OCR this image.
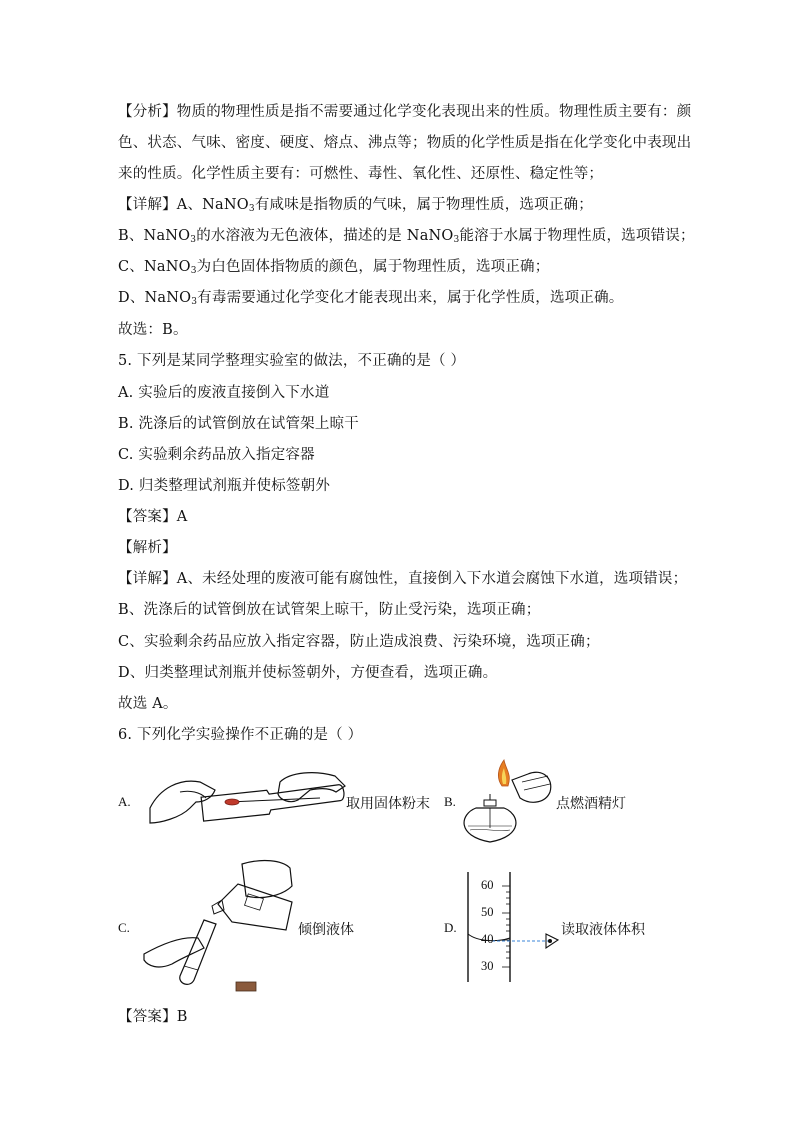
【分析】物质的物理性质是指不需要通过化学变化表现出来的性质。物理性质主要有：颜
色、状态、气味、密度、硬度、熔点、沸点等；物质的化学性质是指在化学变化中表现出
来的性质。化学性质主要有：可燃性、毒性、氧化性、还原性、稳定性等；
【详解】A、NaNO$_3$有咸味是指物质的气味，属于物理性质，选项正确；
B、NaNO$_3$的水溶液为无色液体，描述的是 NaNO$_3$能溶于水属于物理性质，选项错误；
C、NaNO$_3$为白色固体指物质的颜色，属于物理性质，选项正确；
D、NaNO$_3$有毒需要通过化学变化才能表现出来，属于化学性质，选项正确。
故选：B。
5. 下列是某同学整理实验室的做法，不正确的是（ ）
A. 实验后的废液直接倒入下水道
B. 洗涤后的试管倒放在试管架上晾干
C. 实验剩余药品放入指定容器
D. 归类整理试剂瓶并使标签朝外
【答案】A
【解析】
【详解】A、未经处理的废液可能有腐蚀性，直接倒入下水道会腐蚀下水道，选项错误；
B、洗涤后的试管倒放在试管架上晾干，防止受污染，选项正确；
C、实验剩余药品应放入指定容器，防止造成浪费、污染环境，选项正确；
D、归类整理试剂瓶并使标签朝外，方便查看，选项正确。
故选 A。
6. 下列化学实验操作不正确的是（ ）
A.	取用固体粉末 B.	点燃酒精灯
C.	倾倒液体	D.
60
50
40
30
读取液体体积
【答案】B
